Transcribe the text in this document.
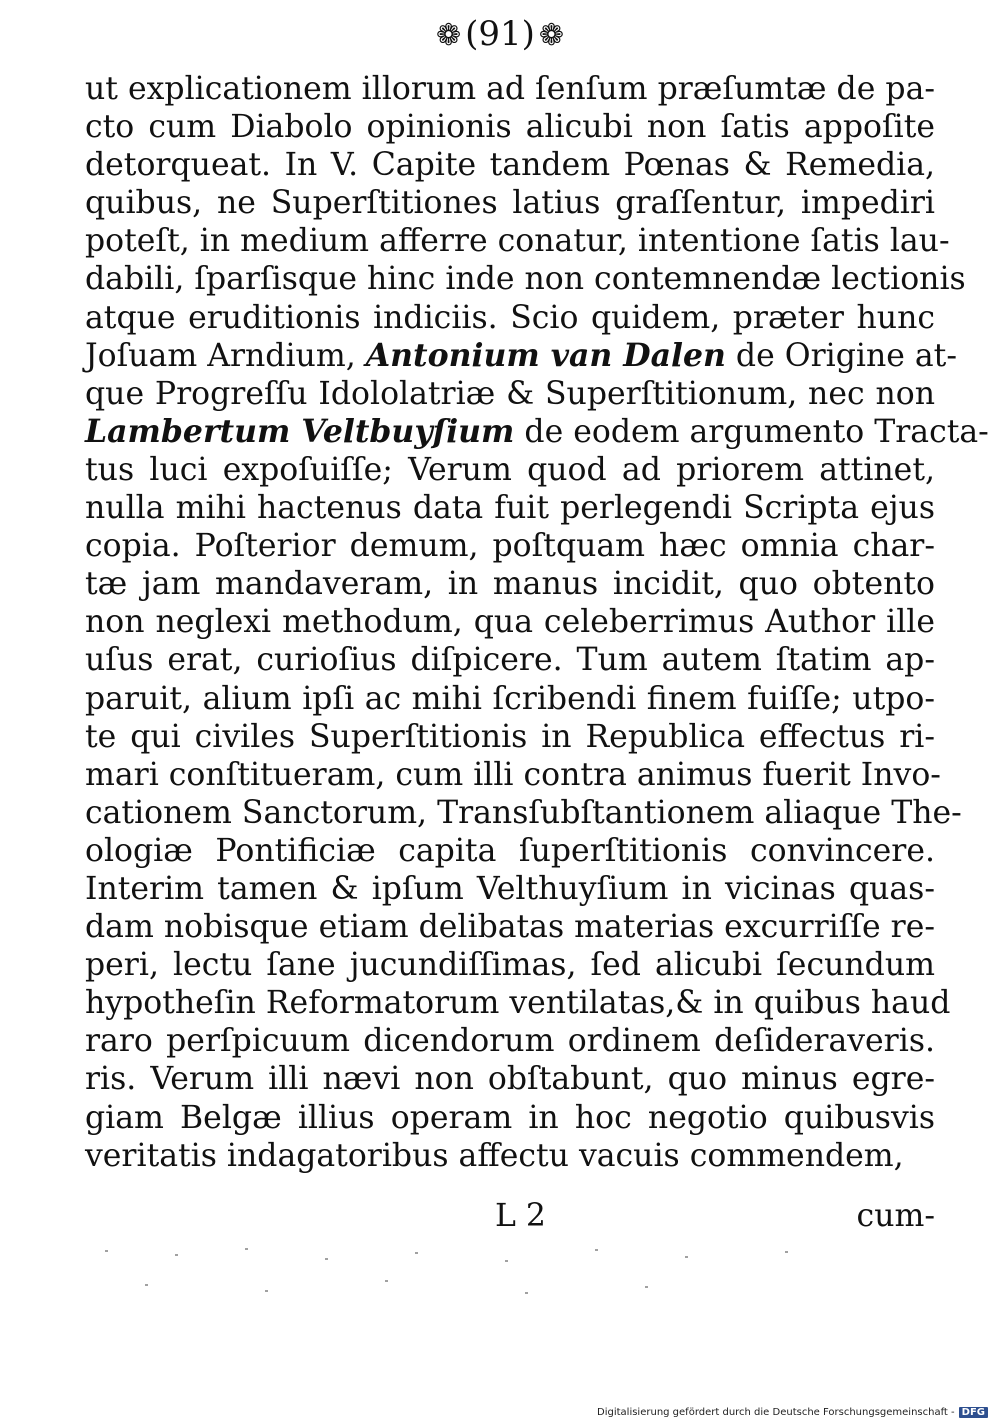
❁ (91) ❁
ut explicationem illorum ad ſenſum præſumtæ de pa-
cto cum Diabolo opinionis alicubi non ſatis appoſite
detorqueat. In V. Capite tandem Pœnas & Remedia,
quibus, ne Superſtitiones latius graſſentur, impediri
poteſt, in medium afferre conatur, intentione ſatis lau-
dabili, ſparſisque hinc inde non contemnendæ lectionis
atque eruditionis indiciis. Scio quidem, præter hunc
Joſuam Arndium, Antonium van Dalen de Origine at-
que Progreſſu Idololatriæ & Superſtitionum, nec non
Lambertum Veltbuyſium de eodem argumento Tracta-
tus luci expoſuiſſe; Verum quod ad priorem attinet,
nulla mihi hactenus data fuit perlegendi Scripta ejus
copia. Poſterior demum, poſtquam hæc omnia char-
tæ jam mandaveram, in manus incidit, quo obtento
non neglexi methodum, qua celeberrimus Author ille
uſus erat, curioſius diſpicere. Tum autem ſtatim ap-
paruit, alium ipſi ac mihi ſcribendi finem fuiſſe; utpo-
te qui civiles Superſtitionis in Republica effectus ri-
mari conſtitueram, cum illi contra animus fuerit Invo-
cationem Sanctorum, Transſubſtantionem aliaque The-
ologiæ Pontificiæ capita ſuperſtitionis convincere.
Interim tamen & ipſum Velthuyſium in vicinas quas-
dam nobisque etiam delibatas materias excurriſſe re-
peri, lectu ſane jucundiſſimas, ſed alicubi ſecundum
hypotheſin Reformatorum ventilatas,& in quibus haud
raro perſpicuum dicendorum ordinem deſideraveris.
ris. Verum illi nævi non obſtabunt, quo minus egre-
giam Belgæ illius operam in hoc negotio quibusvis
veritatis indagatoribus affectu vacuis commendem,
L 2	cum-
Digitalisierung gefördert durch die Deutsche Forschungsgemeinschaft - DFG
